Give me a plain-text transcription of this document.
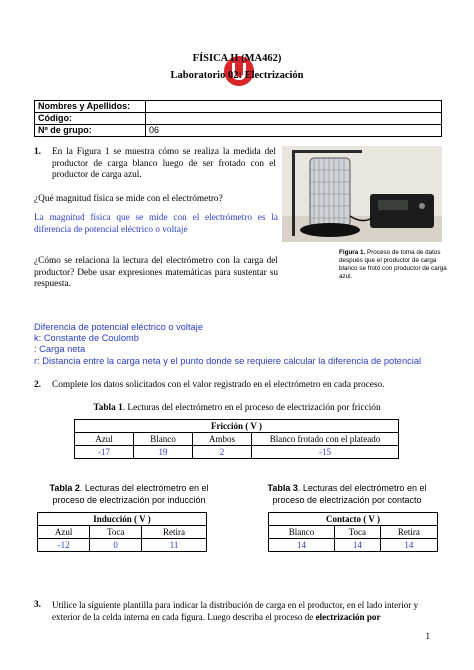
FÍSICA II (MA462)
Laboratorio 02: Electrización
Nombres y Apellidos:	
Código:	
Nº de grupo:	06
1. En la Figura 1 se muestra cómo se realiza la medida del productor de carga blanco luego de ser frotado con el productor de carga azul.
¿Qué magnitud física se mide con el electrómetro?
La magnitud física que se mide con el electrómetro es la diferencia de potencial eléctrico o voltaje
¿Cómo se relaciona la lectura del electrómetro con la carga del productor? Debe usar expresiones matemáticas para sustentar su respuesta.
Figura 1. Proceso de toma de datos después que el productor de carga blanco se frotó con productor de carga azul.
Diferencia de potencial eléctrico o voltaje
k: Constante de Coulomb
: Carga neta
r: Distancia entre la carga neta y el punto donde se requiere calcular la diferencia de potencial
2. Complete los datos solicitados con el valor registrado en el electrómetro en cada proceso.
Tabla 1. Lecturas del electrómetro en el proceso de electrización por fricción
Fricción ( V )			
Azul	Blanco	Ambos	Blanco frotado con el plateado
-17	19	2	-15
Tabla 2. Lecturas del electrómetro en el
proceso de electrización por inducción
Inducción ( V )		
Azul	Toca	Retira
-12	0	11
Tabla 3. Lecturas del electrómetro en el
proceso de electrización por contacto
Contacto ( V )		
Blanco	Toca	Retira
14	14	14
3. Utilice la siguiente plantilla para indicar la distribución de carga en el productor, en el lado interior y
exterior de la celda interna en cada figura. Luego describa el proceso de electrización por
1
